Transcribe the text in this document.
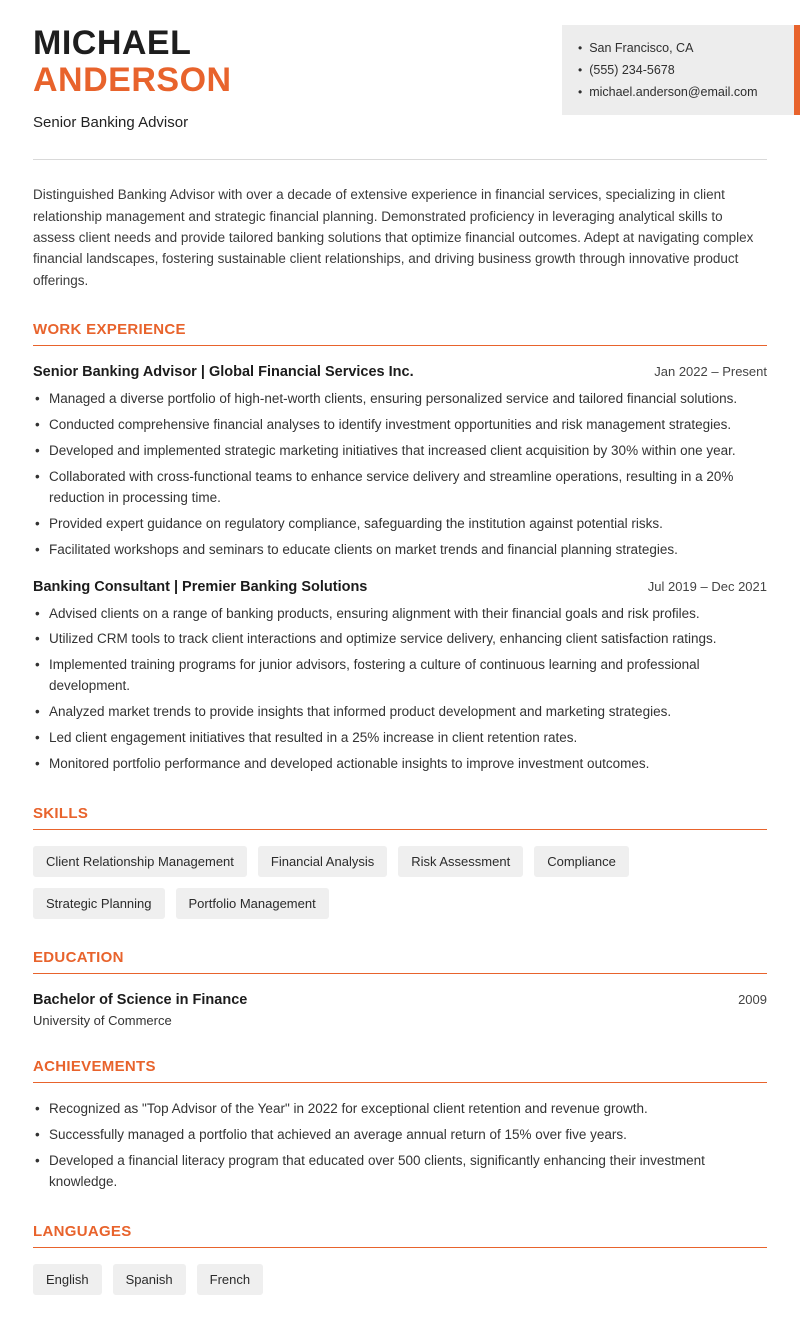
MICHAEL
ANDERSON
Senior Banking Advisor
• San Francisco, CA
• (555) 234-5678
• michael.anderson@email.com

Distinguished Banking Advisor with over a decade of extensive experience in financial services, specializing in client relationship management and strategic financial planning. Demonstrated proficiency in leveraging analytical skills to assess client needs and provide tailored banking solutions that optimize financial outcomes. Adept at navigating complex financial landscapes, fostering sustainable client relationships, and driving business growth through innovative product offerings.

WORK EXPERIENCE
Senior Banking Advisor | Global Financial Services Inc.	Jan 2022 – Present
• Managed a diverse portfolio of high-net-worth clients, ensuring personalized service and tailored financial solutions.
• Conducted comprehensive financial analyses to identify investment opportunities and risk management strategies.
• Developed and implemented strategic marketing initiatives that increased client acquisition by 30% within one year.
• Collaborated with cross-functional teams to enhance service delivery and streamline operations, resulting in a 20% reduction in processing time.
• Provided expert guidance on regulatory compliance, safeguarding the institution against potential risks.
• Facilitated workshops and seminars to educate clients on market trends and financial planning strategies.
Banking Consultant | Premier Banking Solutions	Jul 2019 – Dec 2021
• Advised clients on a range of banking products, ensuring alignment with their financial goals and risk profiles.
• Utilized CRM tools to track client interactions and optimize service delivery, enhancing client satisfaction ratings.
• Implemented training programs for junior advisors, fostering a culture of continuous learning and professional development.
• Analyzed market trends to provide insights that informed product development and marketing strategies.
• Led client engagement initiatives that resulted in a 25% increase in client retention rates.
• Monitored portfolio performance and developed actionable insights to improve investment outcomes.
SKILLS
Client Relationship Management	Financial Analysis	Risk Assessment	Compliance
Strategic Planning	Portfolio Management
EDUCATION
Bachelor of Science in Finance	2009
University of Commerce
ACHIEVEMENTS
• Recognized as "Top Advisor of the Year" in 2022 for exceptional client retention and revenue growth.
• Successfully managed a portfolio that achieved an average annual return of 15% over five years.
• Developed a financial literacy program that educated over 500 clients, significantly enhancing their investment knowledge.
LANGUAGES
English	Spanish	French
